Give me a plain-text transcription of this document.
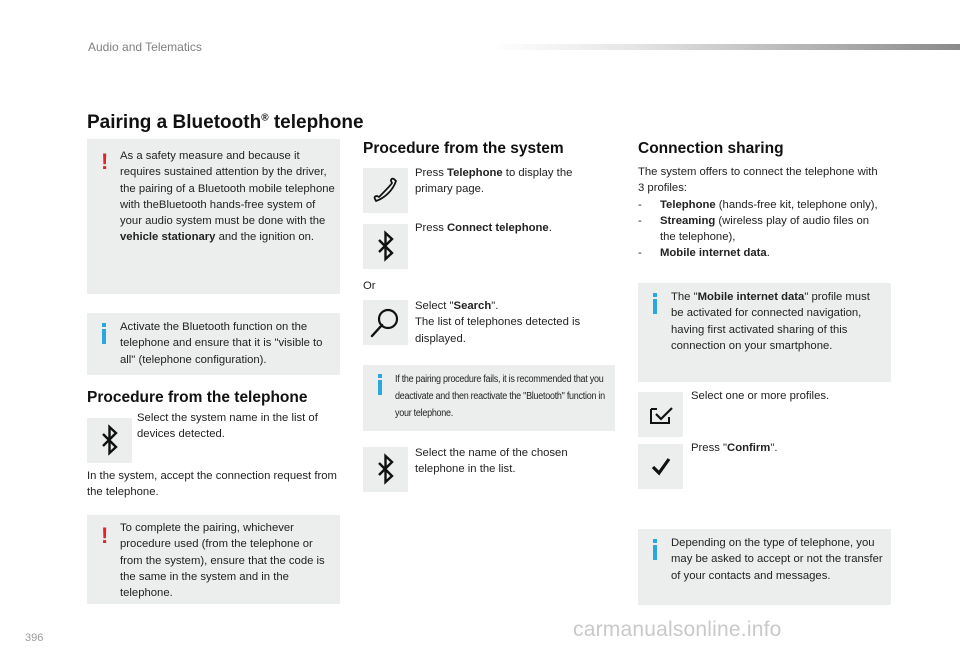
Audio and Telematics
Pairing a Bluetooth® telephone
! As a safety measure and because it requires sustained attention by the driver, the pairing of a Bluetooth mobile telephone with theBluetooth hands-free system of your audio system must be done with the vehicle stationary and the ignition on.
Activate the Bluetooth function on the telephone and ensure that it is "visible to all" (telephone configuration).
Procedure from the telephone
Select the system name in the list of devices detected.
In the system, accept the connection request from the telephone.
! To complete the pairing, whichever procedure used (from the telephone or from the system), ensure that the code is the same in the system and in the telephone.
Procedure from the system
Press Telephone to display the primary page.
Press Connect telephone.
Or
Select "Search".
The list of telephones detected is displayed.
If the pairing procedure fails, it is recommended that you deactivate and then reactivate the "Bluetooth" function in your telephone.
Select the name of the chosen telephone in the list.
Connection sharing
The system offers to connect the telephone with 3 profiles:
- Telephone (hands-free kit, telephone only),
- Streaming (wireless play of audio files on the telephone),
- Mobile internet data.
The "Mobile internet data" profile must be activated for connected navigation, having first activated sharing of this connection on your smartphone.
Select one or more profiles.
Press "Confirm".
Depending on the type of telephone, you may be asked to accept or not the transfer of your contacts and messages.
396	carmanualsonline.info
